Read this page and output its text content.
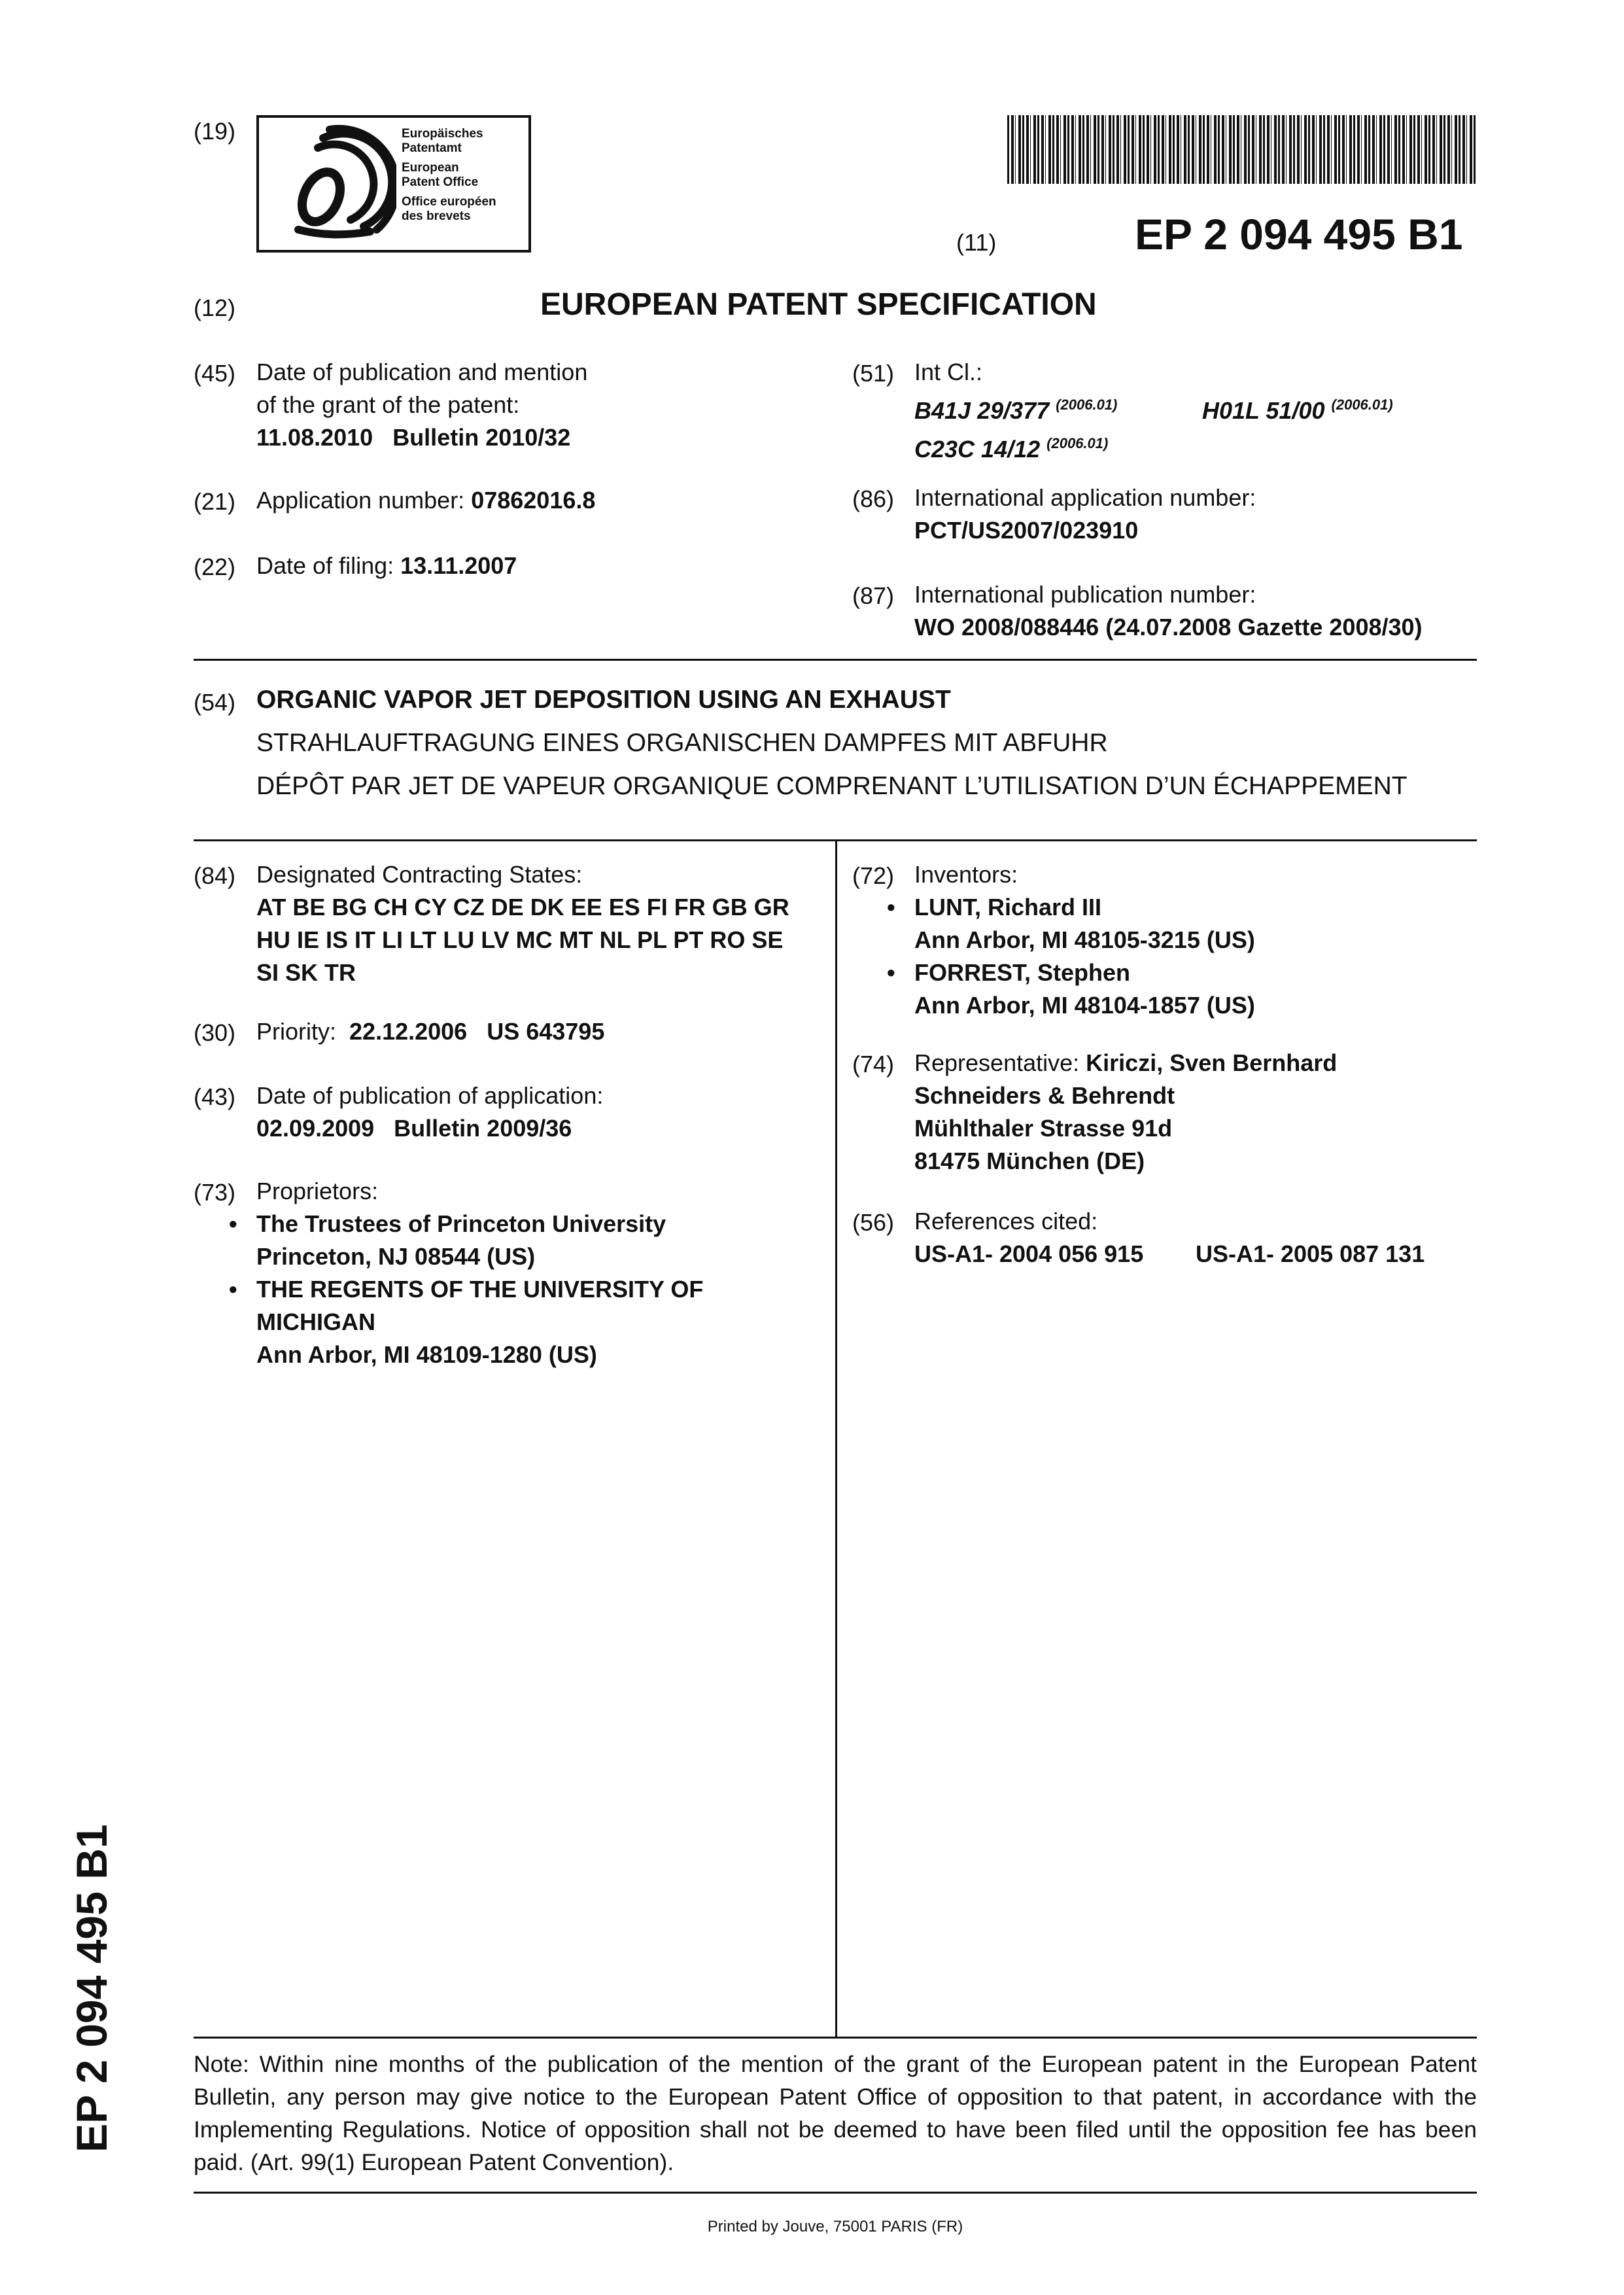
(19)	Europäisches
Patentamt
European
Patent Office
Office européen
des brevets
(11)	EP 2 094 495 B1
(12)	EUROPEAN PATENT SPECIFICATION
(45) Date of publication and mention
of the grant of the patent:
11.08.2010   Bulletin 2010/32
(21) Application number: 07862016.8
(22) Date of filing: 13.11.2007
(51) Int Cl.:
B41J 29/377 $^{(2006.01)}$	H01L 51/00 $^{(2006.01)}$
C23C 14/12 $^{(2006.01)}$
(86) International application number:
PCT/US2007/023910
(87) International publication number:
WO 2008/088446 (24.07.2008 Gazette 2008/30)
(54) ORGANIC VAPOR JET DEPOSITION USING AN EXHAUST
STRAHLAUFTRAGUNG EINES ORGANISCHEN DAMPFES MIT ABFUHR
DÉPÔT PAR JET DE VAPEUR ORGANIQUE COMPRENANT L’UTILISATION D’UN ÉCHAPPEMENT
(84) Designated Contracting States:
AT BE BG CH CY CZ DE DK EE ES FI FR GB GR
HU IE IS IT LI LT LU LV MC MT NL PL PT RO SE
SI SK TR
(30) Priority: 22.12.2006   US 643795
(43) Date of publication of application:
02.09.2009   Bulletin 2009/36
(73) Proprietors:
• The Trustees of Princeton University
Princeton, NJ 08544 (US)
• THE REGENTS OF THE UNIVERSITY OF
MICHIGAN
Ann Arbor, MI 48109-1280 (US)
(72) Inventors:
• LUNT, Richard III
Ann Arbor, MI 48105-3215 (US)
• FORREST, Stephen
Ann Arbor, MI 48104-1857 (US)
(74) Representative: Kiriczi, Sven Bernhard
Schneiders & Behrendt
Mühlthaler Strasse 91d
81475 München (DE)
(56) References cited:
US-A1- 2004 056 915 US-A1- 2005 087 131
EP 2 094 495 B1	Note: Within nine months of the publication of the mention of the grant of the European patent in the European Patent Bulletin, any person may give notice to the European Patent Office of opposition to that patent, in accordance with the Implementing Regulations. Notice of opposition shall not be deemed to have been filed until the opposition fee has been paid. (Art. 99(1) European Patent Convention).
Printed by Jouve, 75001 PARIS (FR)
